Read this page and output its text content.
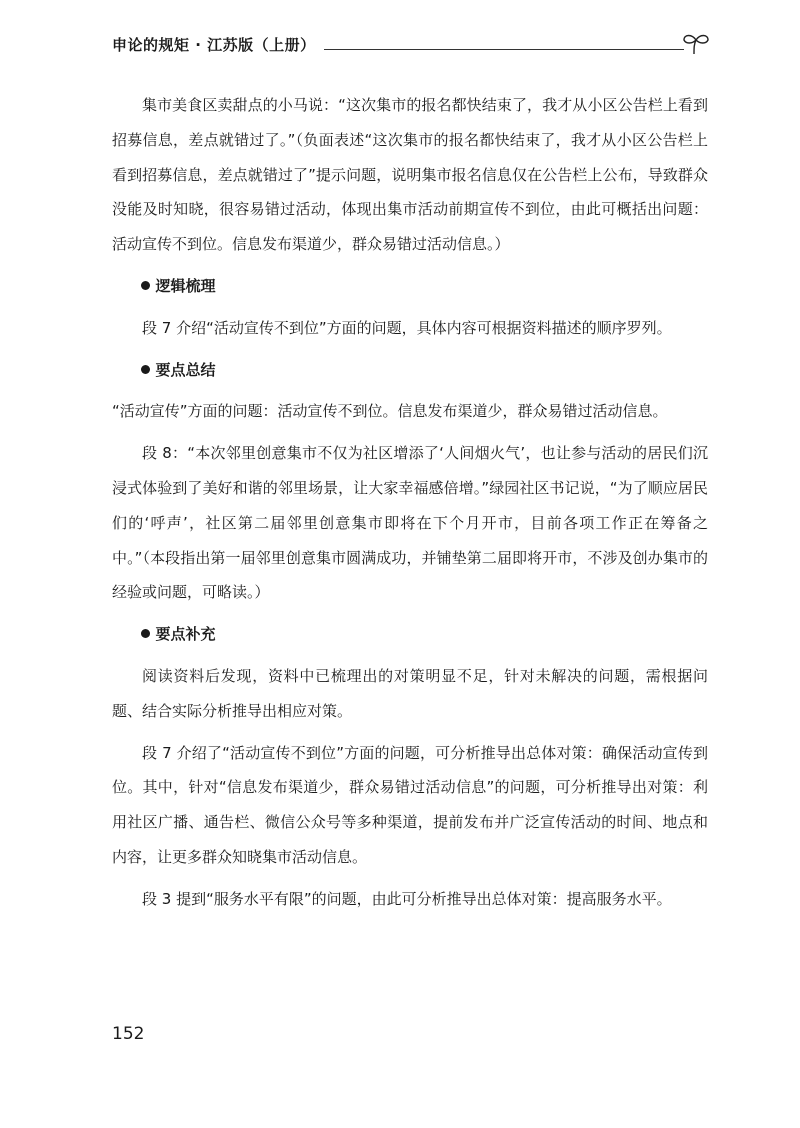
申论的规矩 · 江苏版（上册）

集市美食区卖甜点的小马说：“这次集市的报名都快结束了，我才从小区公告栏上看到招募信息，差点就错过了。”（负面表述“这次集市的报名都快结束了，我才从小区公告栏上看到招募信息，差点就错过了”提示问题，说明集市报名信息仅在公告栏上公布，导致群众没能及时知晓，很容易错过活动，体现出集市活动前期宣传不到位，由此可概括出问题：活动宣传不到位。信息发布渠道少，群众易错过活动信息。）

逻辑梳理

段 7 介绍“活动宣传不到位”方面的问题，具体内容可根据资料描述的顺序罗列。

要点总结

“活动宣传”方面的问题：活动宣传不到位。信息发布渠道少，群众易错过活动信息。

段 8：“本次邻里创意集市不仅为社区增添了‘人间烟火气’，也让参与活动的居民们沉浸式体验到了美好和谐的邻里场景，让大家幸福感倍增。”绿园社区书记说，“为了顺应居民们的‘呼声’，社区第二届邻里创意集市即将在下个月开市，目前各项工作正在筹备之中。”（本段指出第一届邻里创意集市圆满成功，并铺垫第二届即将开市，不涉及创办集市的经验或问题，可略读。）

要点补充

阅读资料后发现，资料中已梳理出的对策明显不足，针对未解决的问题，需根据问题、结合实际分析推导出相应对策。

段 7 介绍了“活动宣传不到位”方面的问题，可分析推导出总体对策：确保活动宣传到位。其中，针对“信息发布渠道少，群众易错过活动信息”的问题，可分析推导出对策：利用社区广播、通告栏、微信公众号等多种渠道，提前发布并广泛宣传活动的时间、地点和内容，让更多群众知晓集市活动信息。

段 3 提到“服务水平有限”的问题，由此可分析推导出总体对策：提高服务水平。

152
